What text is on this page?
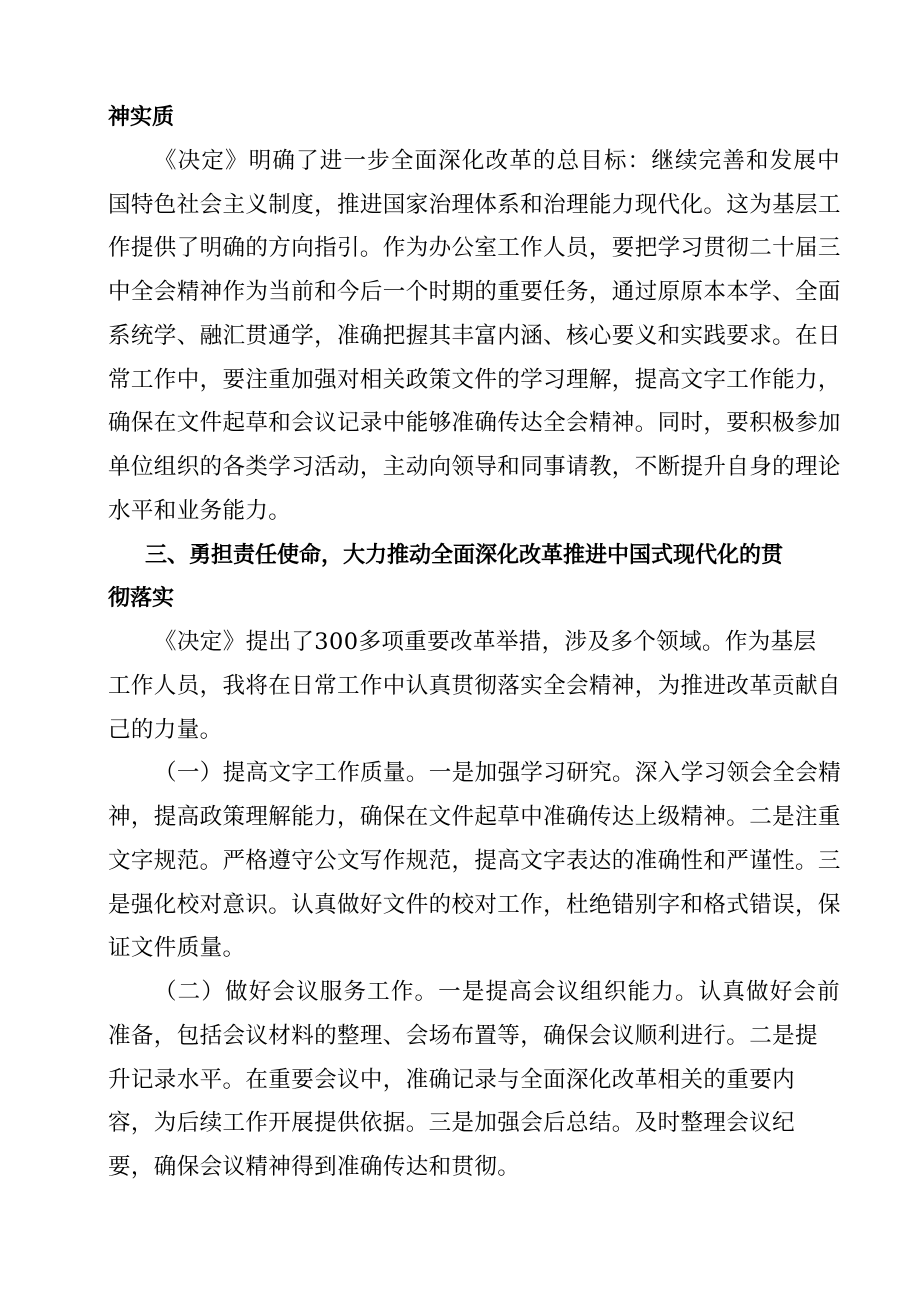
神实质
《决定》明确了进一步全面深化改革的总目标：继续完善和发展中
国特色社会主义制度，推进国家治理体系和治理能力现代化。这为基层工
作提供了明确的方向指引。作为办公室工作人员，要把学习贯彻二十届三
中全会精神作为当前和今后一个时期的重要任务，通过原原本本学、全面
系统学、融汇贯通学，准确把握其丰富内涵、核心要义和实践要求。在日
常工作中，要注重加强对相关政策文件的学习理解，提高文字工作能力，
确保在文件起草和会议记录中能够准确传达全会精神。同时，要积极参加
单位组织的各类学习活动，主动向领导和同事请教，不断提升自身的理论
水平和业务能力。
三、勇担责任使命，大力推动全面深化改革推进中国式现代化的贯
彻落实
《决定》提出了300多项重要改革举措，涉及多个领域。作为基层
工作人员，我将在日常工作中认真贯彻落实全会精神，为推进改革贡献自
己的力量。
（一）提高文字工作质量。一是加强学习研究。深入学习领会全会精
神，提高政策理解能力，确保在文件起草中准确传达上级精神。二是注重
文字规范。严格遵守公文写作规范，提高文字表达的准确性和严谨性。三
是强化校对意识。认真做好文件的校对工作，杜绝错别字和格式错误，保
证文件质量。
（二）做好会议服务工作。一是提高会议组织能力。认真做好会前
准备，包括会议材料的整理、会场布置等，确保会议顺利进行。二是提
升记录水平。在重要会议中，准确记录与全面深化改革相关的重要内
容，为后续工作开展提供依据。三是加强会后总结。及时整理会议纪
要，确保会议精神得到准确传达和贯彻。
